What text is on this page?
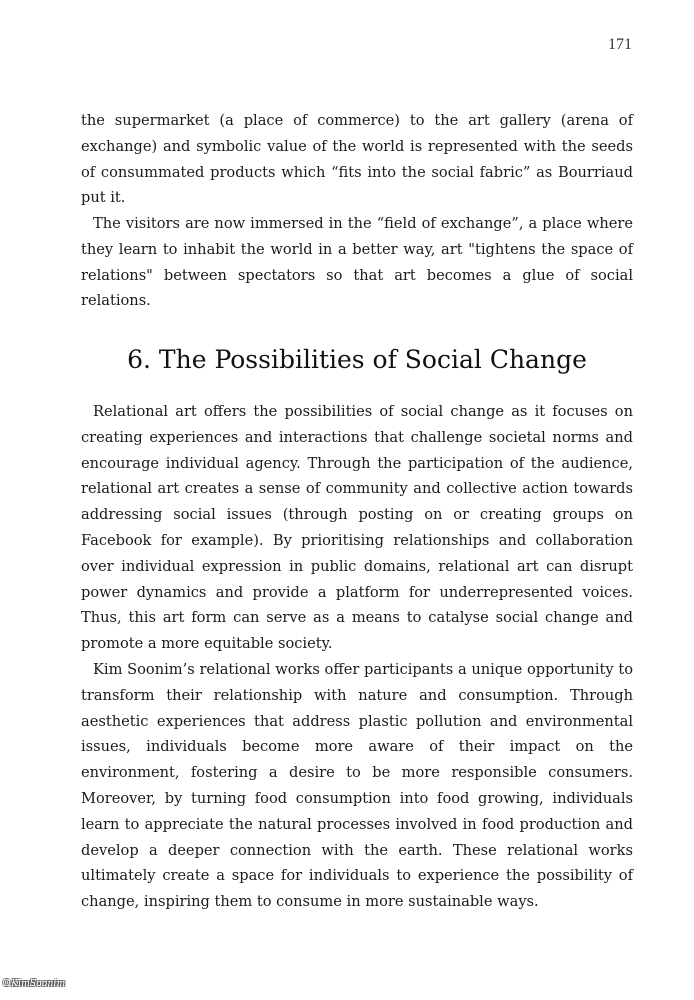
171

the supermarket (a place of commerce) to the art gallery (arena of exchange) and symbolic value of the world is represented with the seeds of consummated products which “fits into the social fabric” as Bourriaud put it.

The visitors are now immersed in the “field of exchange”, a place where they learn to inhabit the world in a better way, art "tightens the space of relations" between spectators so that art becomes a glue of social relations.

6. The Possibilities of Social Change

Relational art offers the possibilities of social change as it focuses on creating experiences and interactions that challenge societal norms and encourage individual agency. Through the participation of the audience, relational art creates a sense of community and collective action towards addressing social issues (through posting on or creating groups on Facebook for example). By prioritising relationships and collaboration over individual expression in public domains, relational art can disrupt power dynamics and provide a platform for underrepresented voices. Thus, this art form can serve as a means to catalyse social change and promote a more equitable society.

Kim Soonim’s relational works offer participants a unique opportunity to transform their relationship with nature and consumption. Through aesthetic experiences that address plastic pollution and environmental issues, individuals become more aware of their impact on the environment, fostering a desire to be more responsible consumers. Moreover, by turning food consumption into food growing, individuals learn to appreciate the natural processes involved in food production and develop a deeper connection with the earth. These relational works ultimately create a space for individuals to experience the possibility of change, inspiring them to consume in more sustainable ways.

©KimSoonim
